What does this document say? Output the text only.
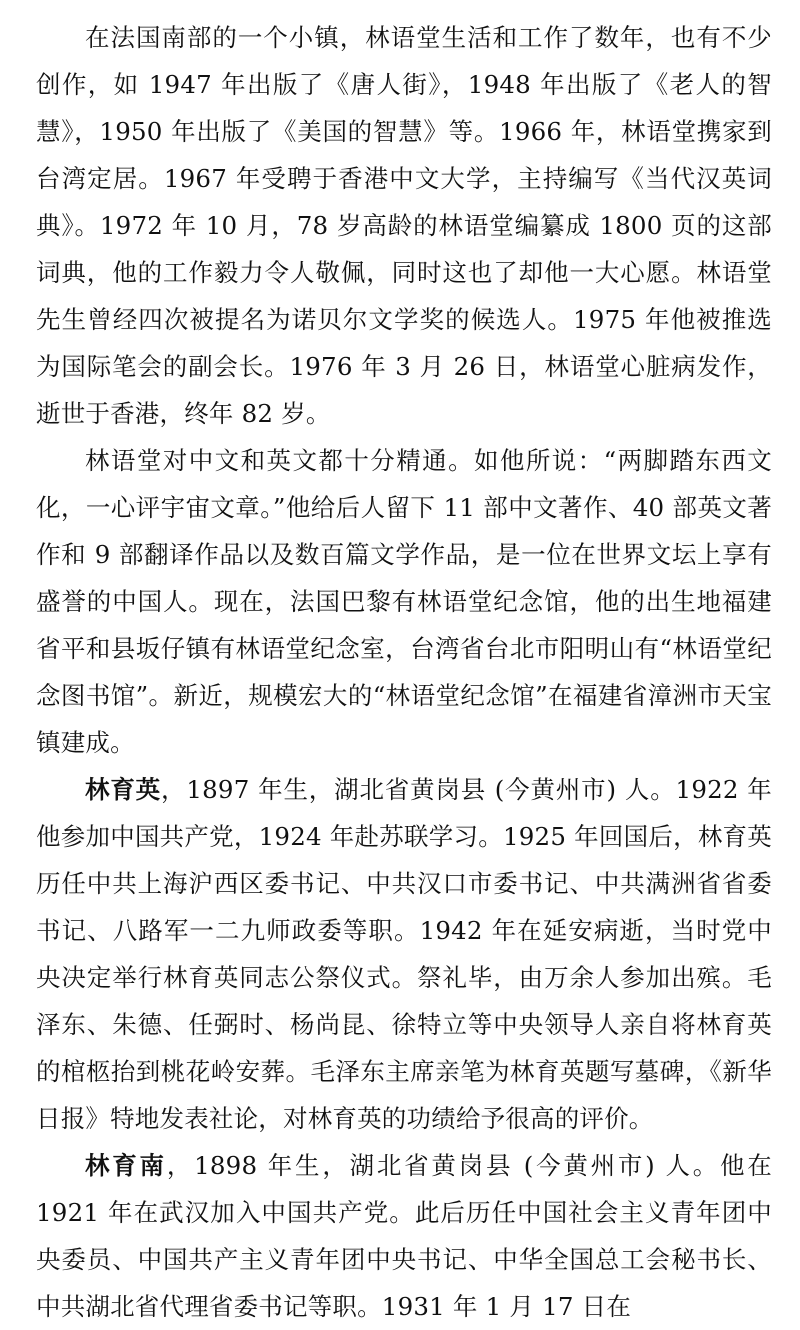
在法国南部的一个小镇，林语堂生活和工作了数年，也有不少创作，如 1947 年出版了《唐人街》，1948 年出版了《老人的智慧》，1950 年出版了《美国的智慧》等。1966 年，林语堂携家到台湾定居。1967 年受聘于香港中文大学，主持编写《当代汉英词典》。1972 年 10 月，78 岁高龄的林语堂编纂成 1800 页的这部词典，他的工作毅力令人敬佩，同时这也了却他一大心愿。林语堂先生曾经四次被提名为诺贝尔文学奖的候选人。1975 年他被推选为国际笔会的副会长。1976 年 3 月 26 日，林语堂心脏病发作，逝世于香港，终年 82 岁。

林语堂对中文和英文都十分精通。如他所说：“两脚踏东西文化，一心评宇宙文章。”他给后人留下 11 部中文著作、40 部英文著作和 9 部翻译作品以及数百篇文学作品，是一位在世界文坛上享有盛誉的中国人。现在，法国巴黎有林语堂纪念馆，他的出生地福建省平和县坂仔镇有林语堂纪念室，台湾省台北市阳明山有“林语堂纪念图书馆”。新近，规模宏大的“林语堂纪念馆”在福建省漳洲市天宝镇建成。

林育英，1897 年生，湖北省黄岗县 (今黄州市) 人。1922 年他参加中国共产党，1924 年赴苏联学习。1925 年回国后，林育英历任中共上海沪西区委书记、中共汉口市委书记、中共满洲省省委书记、八路军一二九师政委等职。1942 年在延安病逝，当时党中央决定举行林育英同志公祭仪式。祭礼毕，由万余人参加出殡。毛泽东、朱德、任弼时、杨尚昆、徐特立等中央领导人亲自将林育英的棺柩抬到桃花岭安葬。毛泽东主席亲笔为林育英题写墓碑，《新华日报》特地发表社论，对林育英的功绩给予很高的评价。

林育南，1898 年生，湖北省黄岗县 (今黄州市) 人。他在 1921 年在武汉加入中国共产党。此后历任中国社会主义青年团中央委员、中国共产主义青年团中央书记、中华全国总工会秘书长、中共湖北省代理省委书记等职。1931 年 1 月 17 日在
